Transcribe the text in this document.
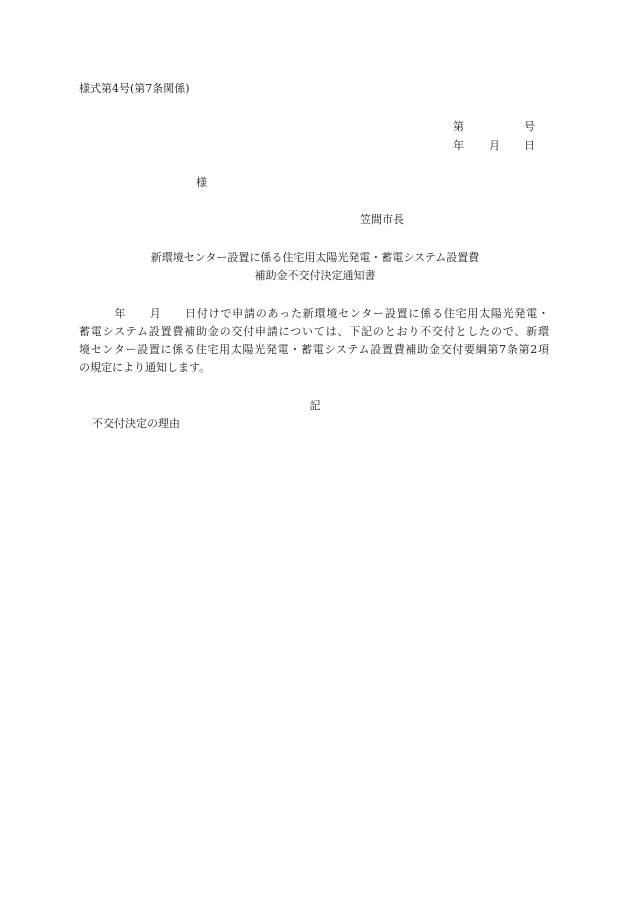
様式第4号(第7条関係)
第	号
年 月 日
様
笠間市長
新環境センター設置に係る住宅用太陽光発電・蓄電システム設置費
補助金不交付決定通知書
　　　年　　月　　日付けで申請のあった新環境センター設置に係る住宅用太陽光発電・
蓄電システム設置費補助金の交付申請については、下記のとおり不交付としたので、新環
境センター設置に係る住宅用太陽光発電・蓄電システム設置費補助金交付要綱第7条第2項
の規定により通知します。
記
不交付決定の理由
